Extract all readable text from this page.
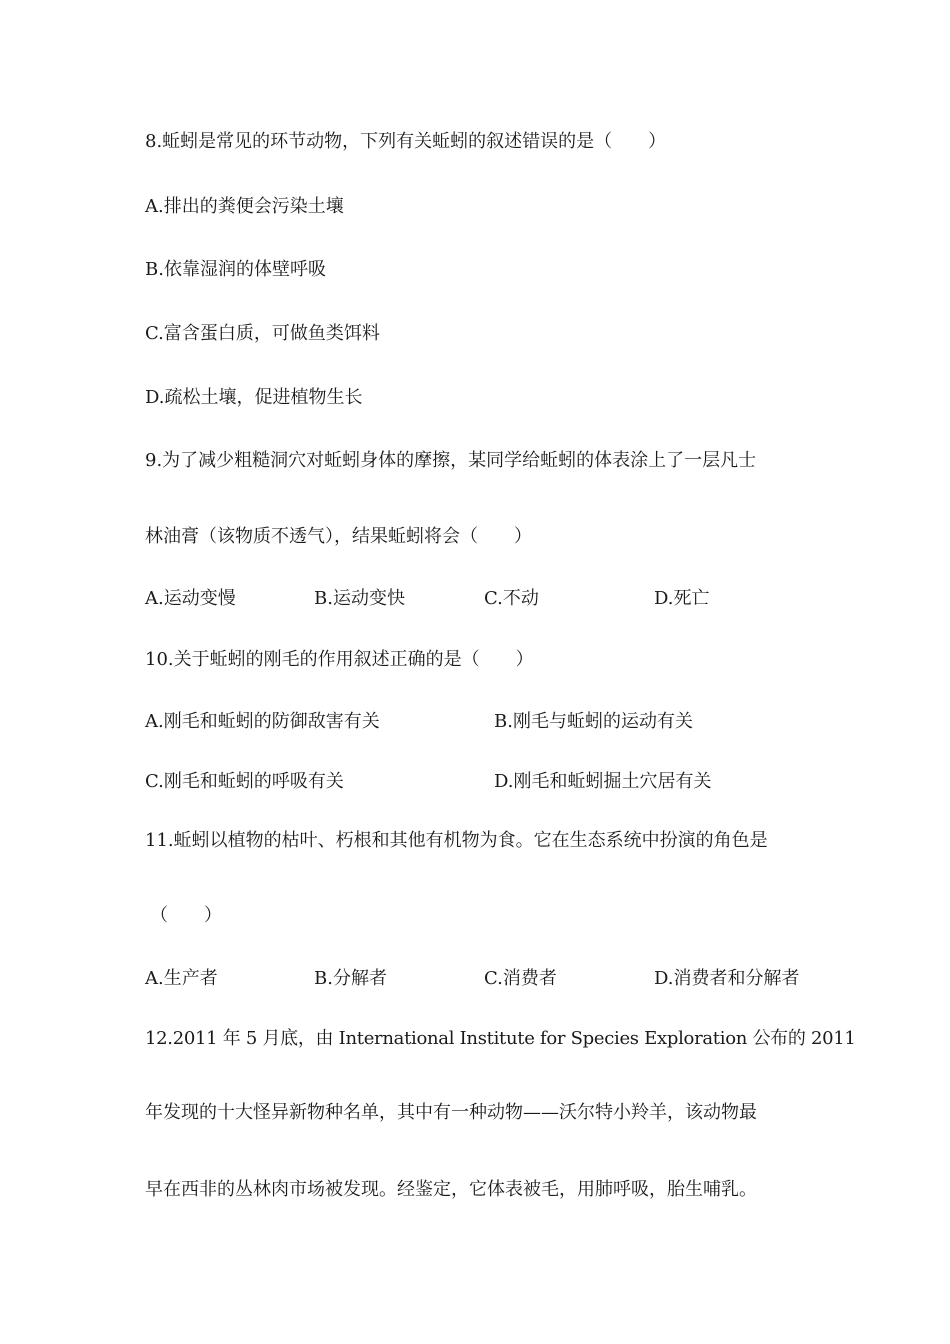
8.蚯蚓是常见的环节动物，下列有关蚯蚓的叙述错误的是（　　）
A.排出的粪便会污染土壤
B.依靠湿润的体壁呼吸
C.富含蛋白质，可做鱼类饵料
D.疏松土壤，促进植物生长
9.为了减少粗糙洞穴对蚯蚓身体的摩擦，某同学给蚯蚓的体表涂上了一层凡士
林油膏（该物质不透气），结果蚯蚓将会（　　）
A.运动变慢	B.运动变快	C.不动	D.死亡
10.关于蚯蚓的刚毛的作用叙述正确的是（　　）
A.刚毛和蚯蚓的防御敌害有关	B.刚毛与蚯蚓的运动有关
C.刚毛和蚯蚓的呼吸有关	D.刚毛和蚯蚓掘土穴居有关
11.蚯蚓以植物的枯叶、朽根和其他有机物为食。它在生态系统中扮演的角色是
（　　）
A.生产者	B.分解者	C.消费者	D.消费者和分解者
12.2011 年 5 月底，由 International Institute for Species Exploration 公布的 2011
年发现的十大怪异新物种名单，其中有一种动物——沃尔特小羚羊，该动物最
早在西非的丛林肉市场被发现。经鉴定，它体表被毛，用肺呼吸，胎生哺乳。
